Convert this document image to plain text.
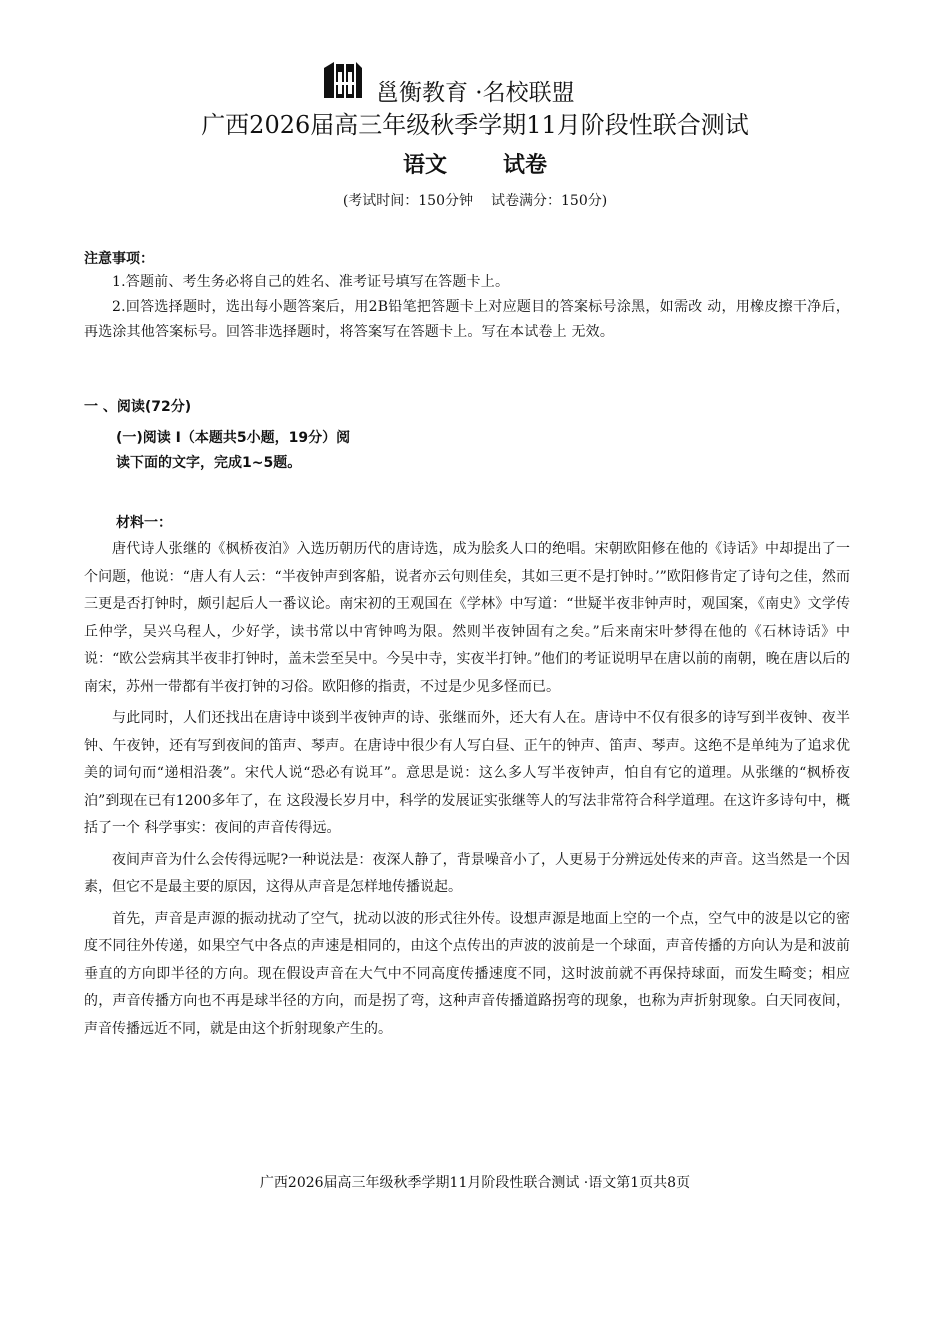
邕衡教育 ·名校联盟
广西2026届高三年级秋季学期11月阶段性联合测试
语文	试卷
(考试时间：150分钟 试卷满分：150分)
注意事项：

1.答题前、考生务必将自己的姓名、准考证号填写在答题卡上。

2.回答选择题时，选出每小题答案后，用2B铅笔把答题卡上对应题目的答案标号涂黑，如需改 动，用橡皮擦干净后，再选涂其他答案标号。回答非选择题时，将答案写在答题卡上。写在本试卷上 无效。

一 、阅读(72分)
(一)阅读 I（本题共5小题，19分）阅读下面的文字，完成1~5题。
材料一：

唐代诗人张继的《枫桥夜泊》入选历朝历代的唐诗选，成为脍炙人口的绝唱。宋朝欧阳修在他的《诗话》中却提出了一个问题，他说：“唐人有人云：“半夜钟声到客船，说者亦云句则佳矣，其如三更不是打钟时。’”欧阳修肯定了诗句之佳，然而三更是否打钟时，颇引起后人一番议论。南宋初的王观国在《学林》中写道：“世疑半夜非钟声时，观国案，《南史》文学传丘仲学，吴兴乌程人，少好学，读书常以中宵钟鸣为限。然则半夜钟固有之矣。”后来南宋叶梦得在他的《石林诗话》中说：“欧公尝病其半夜非打钟时，盖未尝至吴中。今吴中寺，实夜半打钟。”他们的考证说明早在唐以前的南朝，晚在唐以后的南宋，苏州一带都有半夜打钟的习俗。欧阳修的指责，不过是少见多怪而已。

与此同时，人们还找出在唐诗中谈到半夜钟声的诗、张继而外，还大有人在。唐诗中不仅有很多的诗写到半夜钟、夜半钟、午夜钟，还有写到夜间的笛声、琴声。在唐诗中很少有人写白昼、正午的钟声、笛声、琴声。这绝不是单纯为了追求优美的词句而“递相沿袭”。宋代人说“恐必有说耳”。意思是说：这么多人写半夜钟声，怕自有它的道理。从张继的“枫桥夜泊”到现在已有1200多年了，在 这段漫长岁月中，科学的发展证实张继等人的写法非常符合科学道理。在这许多诗句中，概括了一个 科学事实：夜间的声音传得远。

夜间声音为什么会传得远呢?一种说法是：夜深人静了，背景噪音小了，人更易于分辨远处传来的声音。这当然是一个因素，但它不是最主要的原因，这得从声音是怎样地传播说起。

首先，声音是声源的振动扰动了空气，扰动以波的形式往外传。设想声源是地面上空的一个点，空气中的波是以它的密度不同往外传递，如果空气中各点的声速是相同的，由这个点传出的声波的波前是一个球面，声音传播的方向认为是和波前垂直的方向即半径的方向。现在假设声音在大气中不同高度传播速度不同，这时波前就不再保持球面，而发生畸变；相应的，声音传播方向也不再是球半径的方向，而是拐了弯，这种声音传播道路拐弯的现象，也称为声折射现象。白天同夜间，声音传播远近不同，就是由这个折射现象产生的。

广西2026届高三年级秋季学期11月阶段性联合测试 ·语文第1页共8页
